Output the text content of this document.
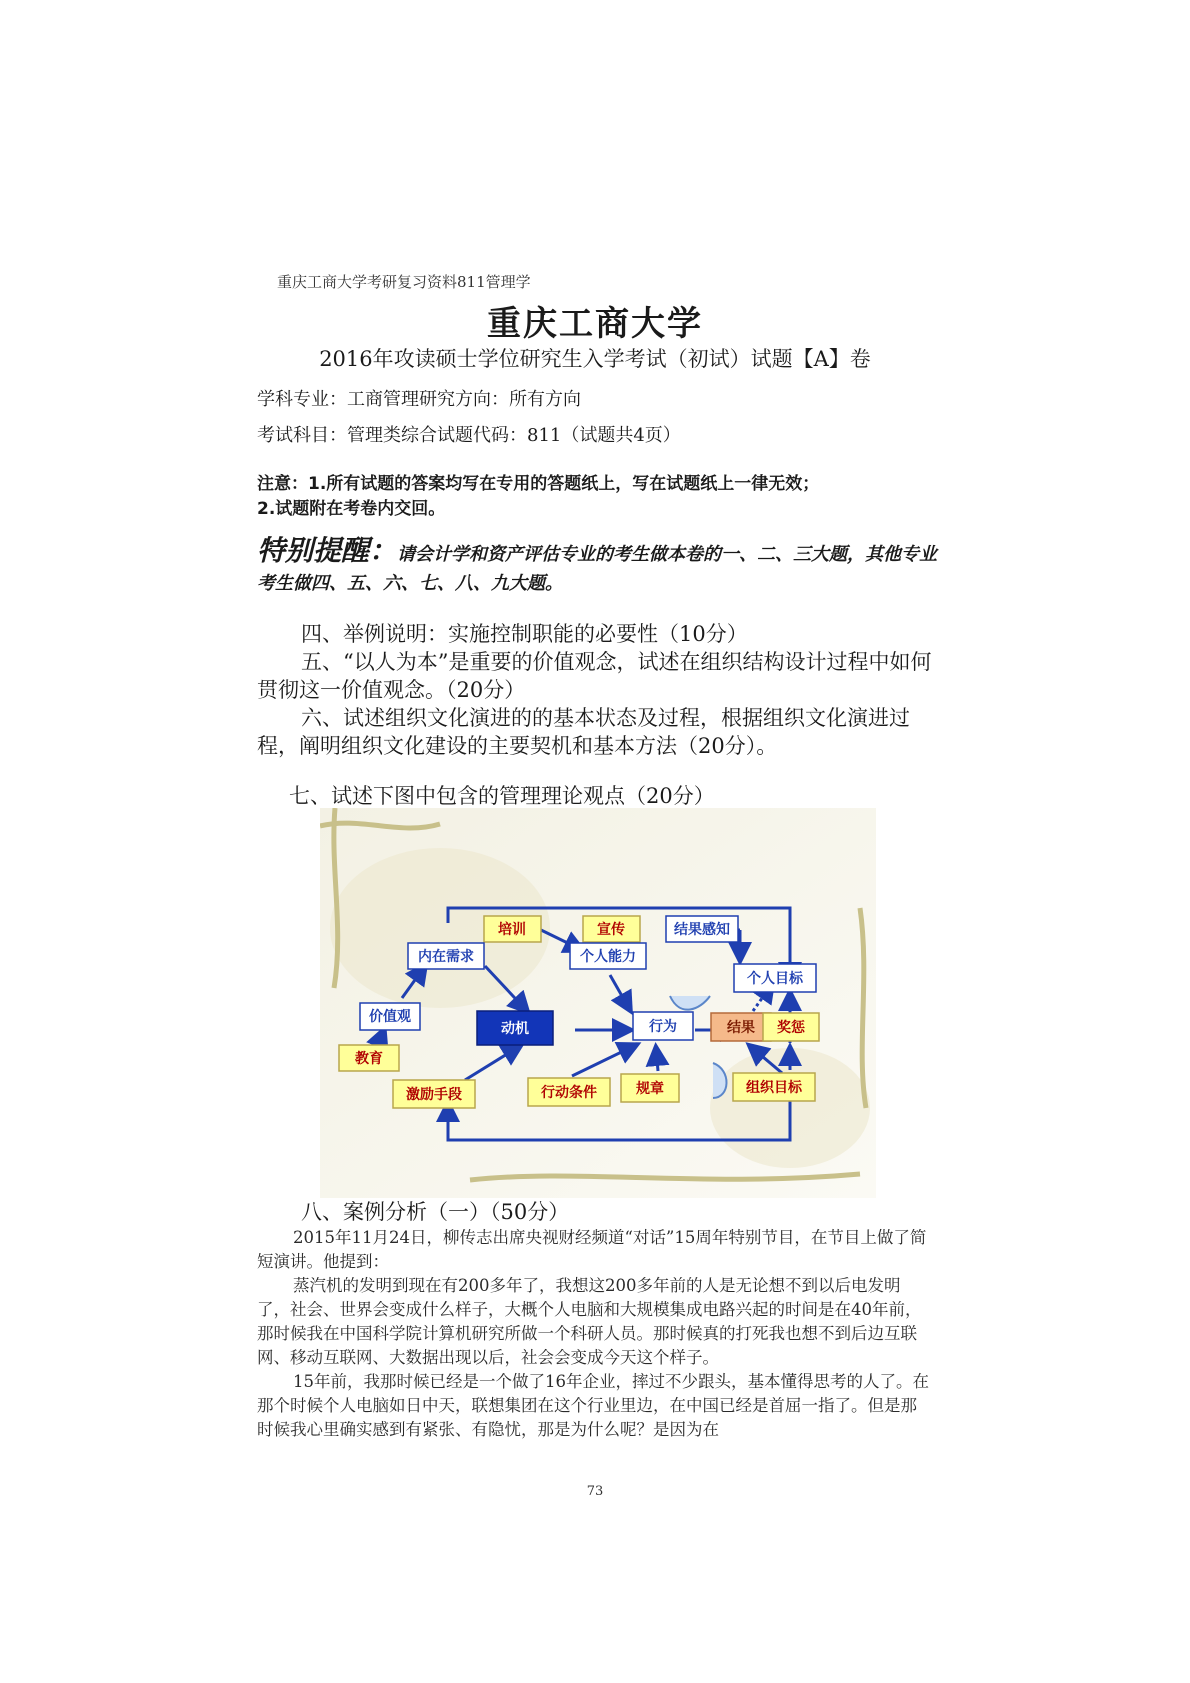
重庆工商大学考研复习资料811管理学
重庆工商大学
2016年攻读硕士学位研究生入学考试（初试）试题【A】卷
学科专业：工商管理研究方向：所有方向
考试科目：管理类综合试题代码：811（试题共4页）
注意：1.所有试题的答案均写在专用的答题纸上，写在试题纸上一律无效；
2.试题附在考卷内交回。
特别提醒：请会计学和资产评估专业的考生做本卷的一、二、三大题，其他专业考生做四、五、六、七、八、九大题。
四、举例说明：实施控制职能的必要性（10分）
五、“以人为本”是重要的价值观念，试述在组织结构设计过程中如何贯彻这一价值观念。（20分）
六、试述组织文化演进的的基本状态及过程，根据组织文化演进过程，阐明组织文化建设的主要契机和基本方法（20分）。
七、试述下图中包含的管理理论观点（20分）
培训	宣传	结果感知
内在需求	个人能力
个人目标
价值观
动机	行为	结果 奖惩
教育
激励手段	行动条件	规章	组织目标
八、案例分析（一）（50分）

2015年11月24日，柳传志出席央视财经频道“对话”15周年特别节目，在节目上做了简短演讲。他提到：

蒸汽机的发明到现在有200多年了，我想这200多年前的人是无论想不到以后电发明了，社会、世界会变成什么样子，大概个人电脑和大规模集成电路兴起的时间是在40年前，那时候我在中国科学院计算机研究所做一个科研人员。那时候真的打死我也想不到后边互联网、移动互联网、大数据出现以后，社会会变成今天这个样子。

15年前，我那时候已经是一个做了16年企业，摔过不少跟头，基本懂得思考的人了。在那个时候个人电脑如日中天，联想集团在这个行业里边，在中国已经是首屈一指了。但是那时候我心里确实感到有紧张、有隐忧，那是为什么呢？是因为在

73
